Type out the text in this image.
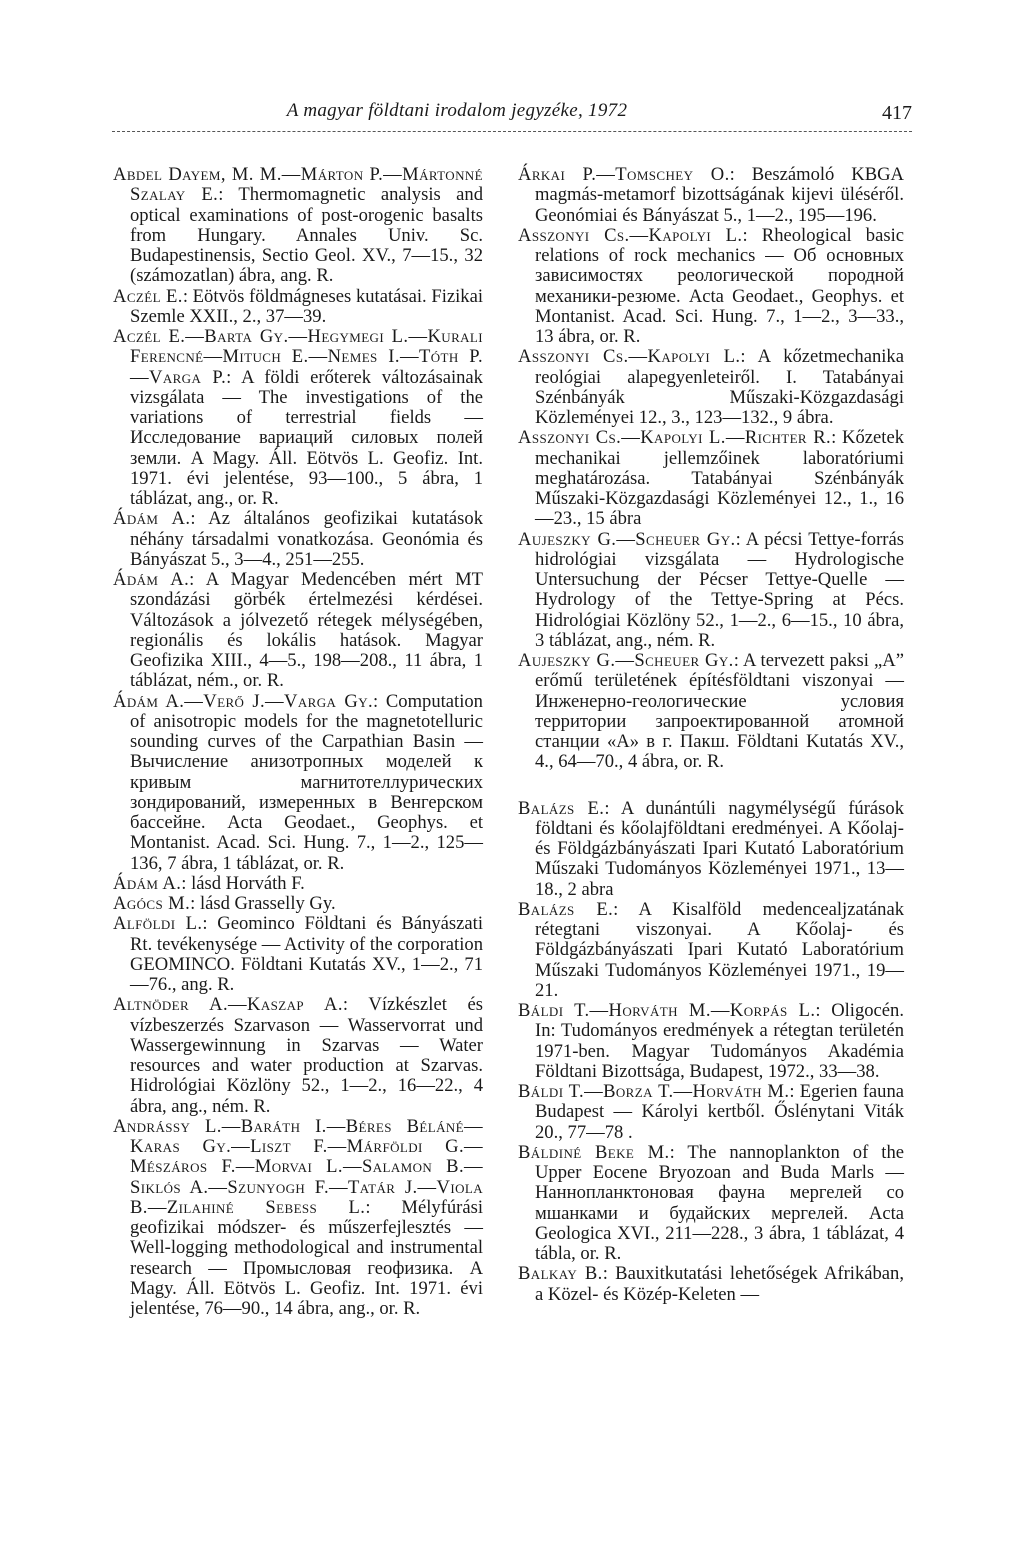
A magyar földtani irodalom jegyzéke, 1972	417

Abdel Dayem, M. M.—Márton P.—Mártonné Szalay E.: Thermomagnetic analysis and optical examinations of post-orogenic basalts from Hungary. Annales Univ. Sc. Budapestinensis, Sectio Geol. XV., 7—15., 32 (számozatlan) ábra, ang. R.

Aczél E.: Eötvös földmágneses kutatásai. Fizikai Szemle XXII., 2., 37—39.

Aczél E.—Barta Gy.—Hegymegi L.—Kurali Ferencné—Mituch E.—Nemes I.—Tóth P.—Varga P.: A földi erőterek változásainak vizsgálata — The investigations of the variations of terrestrial fields — Исследование вариаций силовых полей земли. A Magy. Áll. Eötvös L. Geofiz. Int. 1971. évi jelentése, 93—100., 5 ábra, 1 táblázat, ang., or. R.

Ádám A.: Az általános geofizikai kutatások néhány társadalmi vonatkozása. Geonómia és Bányászat 5., 3—4., 251—255.

Ádám A.: A Magyar Medencében mért MT szondázási görbék értelmezési kérdései. Változások a jólvezető rétegek mélységében, regionális és lokális hatások. Magyar Geofizika XIII., 4—5., 198—208., 11 ábra, 1 táblázat, ném., or. R.

Ádám A.—Verő J.—Varga Gy.: Computation of anisotropic models for the magnetotelluric sounding curves of the Carpathian Basin — Вычисление анизотропных моделей к кривым магнитотеллурических зондирований, измеренных в Венгерском бассейне. Acta Geodaet., Geophys. et Montanist. Acad. Sci. Hung. 7., 1—2., 125—136, 7 ábra, 1 táblázat, or. R.

Ádám A.: lásd Horváth F.

Agócs M.: lásd Grasselly Gy.

Alföldi L.: Geominco Földtani és Bányászati Rt. tevékenysége — Activity of the corporation GEOMINCO. Földtani Kutatás XV., 1—2., 71—76., ang. R.

Altnöder A.—Kaszap A.: Vízkészlet és vízbeszerzés Szarvason — Wasservorrat und Wassergewinnung in Szarvas — Water resources and water production at Szarvas. Hidrológiai Közlöny 52., 1—2., 16—22., 4 ábra, ang., ném. R.

Andrássy L.—Baráth I.—Béres Béláné—Karas Gy.—Liszt F.—Márföldi G.—Mészáros F.—Morvai L.—Salamon B.—Siklós A.—Szunyogh F.—Tatár J.—Viola B.—Zilahiné Sebess L.: Mélyfúrási geofizikai módszer- és műszerfejlesztés — Well-logging methodological and instrumental research — Промысловая геофизика. A Magy. Áll. Eötvös L. Geofiz. Int. 1971. évi jelentése, 76—90., 14 ábra, ang., or. R.

Árkai P.—Tomschey O.: Beszámoló KBGA magmás-metamorf bizottságának kijevi üléséről. Geonómiai és Bányászat 5., 1—2., 195—196.

Asszonyi Cs.—Kapolyi L.: Rheological basic relations of rock mechanics — Об основных зависимостях реологической породной механики-резюме. Acta Geodaet., Geophys. et Montanist. Acad. Sci. Hung. 7., 1—2., 3—33., 13 ábra, or. R.

Asszonyi Cs.—Kapolyi L.: A kőzetmechanika reológiai alapegyenleteiről. I. Tatabányai Szénbányák Műszaki-Közgazdasági Közleményei 12., 3., 123—132., 9 ábra.

Asszonyi Cs.—Kapolyi L.—Richter R.: Kőzetek mechanikai jellemzőinek laboratóriumi meghatározása. Tatabányai Szénbányák Műszaki-Közgazdasági Közleményei 12., 1., 16—23., 15 ábra

Aujeszky G.—Scheuer Gy.: A pécsi Tettye-forrás hidrológiai vizsgálata — Hydrologische Untersuchung der Pécser Tettye-Quelle — Hydrology of the Tettye-Spring at Pécs. Hidrológiai Közlöny 52., 1—2., 6—15., 10 ábra, 3 táblázat, ang., ném. R.

Aujeszky G.—Scheuer Gy.: A tervezett paksi „A” erőmű területének építésföldtani viszonyai — Инженерно-геологические условия территории запроектированной атомной станции «А» в г. Пакш. Földtani Kutatás XV., 4., 64—70., 4 ábra, or. R.

Balázs E.: A dunántúli nagymélységű fúrások földtani és kőolajföldtani eredményei. A Kőolaj- és Földgázbányászati Ipari Kutató Laboratórium Műszaki Tudományos Közleményei 1971., 13—18., 2 abra

Balázs E.: A Kisalföld medencealjzatának rétegtani viszonyai. A Kőolaj- és Földgázbányászati Ipari Kutató Laboratórium Műszaki Tudományos Közleményei 1971., 19—21.

Báldi T.—Horváth M.—Korpás L.: Oligocén. In: Tudományos eredmények a rétegtan területén 1971-ben. Magyar Tudományos Akadémia Földtani Bizottsága, Budapest, 1972., 33—38.

Báldi T.—Borza T.—Horváth M.: Egerien fauna Budapest — Károlyi kertből. Őslénytani Viták 20., 77—78 .

Báldiné Beke M.: The nannoplankton of the Upper Eocene Bryozoan and Buda Marls — Наннопланктоновая фауна мергелей со мшанками и будайских мергелей. Acta Geologica XVI., 211—228., 3 ábra, 1 táblázat, 4 tábla, or. R.

Balkay B.: Bauxitkutatási lehetőségek Afrikában, a Közel- és Közép-Keleten —
